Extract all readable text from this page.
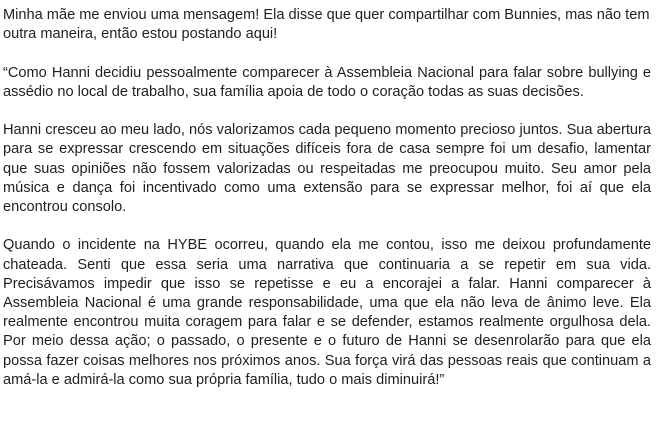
Minha mãe me enviou uma mensagem! Ela disse que quer compartilhar com Bunnies, mas não tem outra maneira, então estou postando aqui!

“Como Hanni decidiu pessoalmente comparecer à Assembleia Nacional para falar sobre bullying e assédio no local de trabalho, sua família apoia de todo o coração todas as suas decisões.

Hanni cresceu ao meu lado, nós valorizamos cada pequeno momento precioso juntos. Sua abertura para se expressar crescendo em situações difíceis fora de casa sempre foi um desafio, lamentar que suas opiniões não fossem valorizadas ou respeitadas me preocupou muito. Seu amor pela música e dança foi incentivado como uma extensão para se expressar melhor, foi aí que ela encontrou consolo.

Quando o incidente na HYBE ocorreu, quando ela me contou, isso me deixou profundamente chateada. Senti que essa seria uma narrativa que continuaria a se repetir em sua vida. Precisávamos impedir que isso se repetisse e eu a encorajei a falar. Hanni comparecer à Assembleia Nacional é uma grande responsabilidade, uma que ela não leva de ânimo leve. Ela realmente encontrou muita coragem para falar e se defender, estamos realmente orgulhosa dela. Por meio dessa ação; o passado, o presente e o futuro de Hanni se desenrolarão para que ela possa fazer coisas melhores nos próximos anos. Sua força virá das pessoas reais que continuam a amá-la e admirá-la como sua própria família, tudo o mais diminuirá!”
